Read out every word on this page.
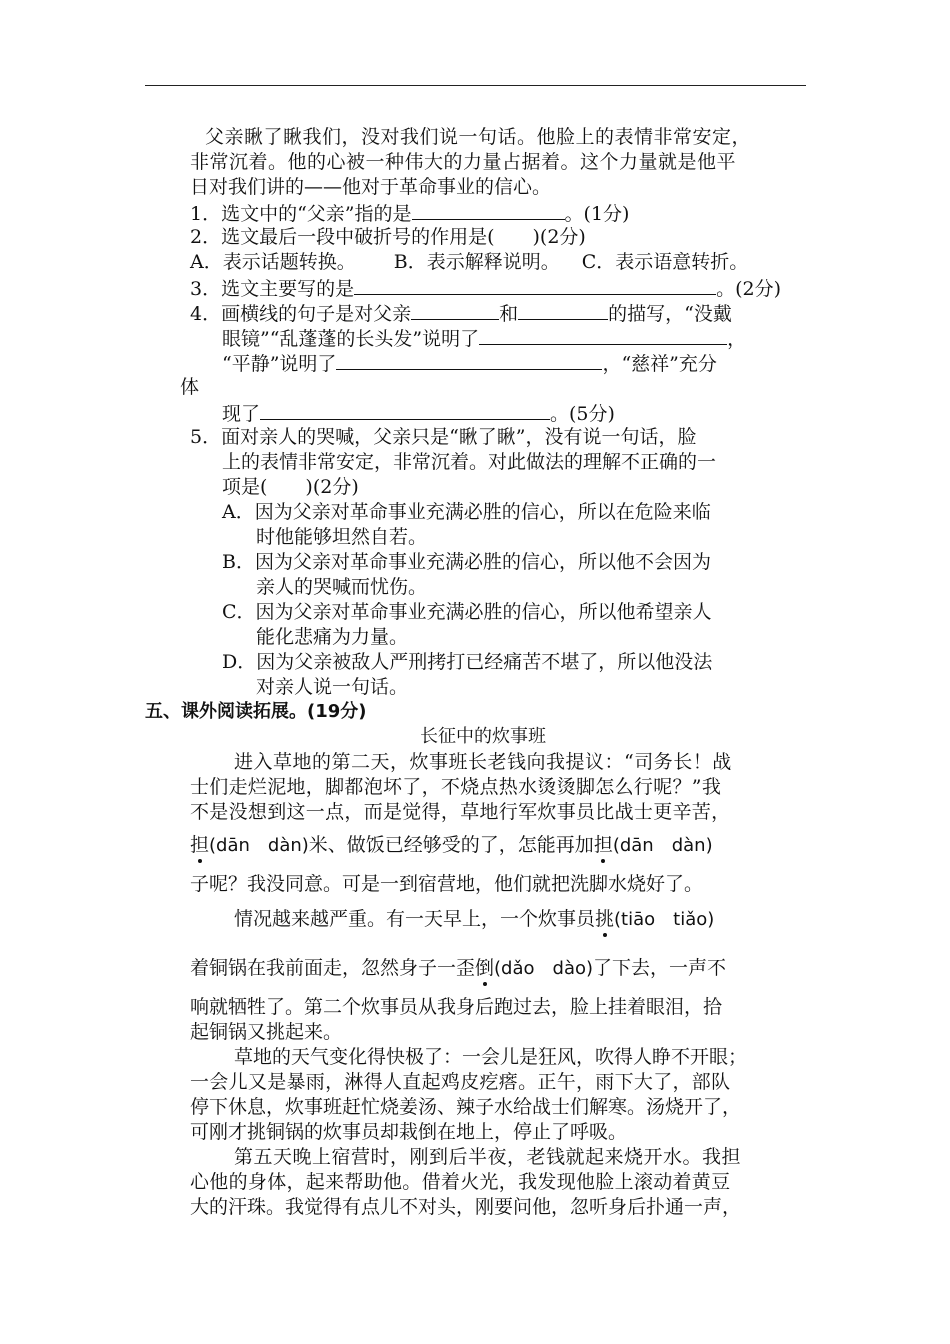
父亲瞅了瞅我们，没对我们说一句话。他脸上的表情非常安定，
非常沉着。他的心被一种伟大的力量占据着。这个力量就是他平
日对我们讲的——他对于革命事业的信心。
1．选文中的“父亲”指的是	。(1分)
2．选文最后一段中破折号的作用是(　　)(2分)
A．表示话题转换。 B．表示解释说明。 C．表示语意转折。
3．选文主要写的是	。(2分)
4．画横线的句子是对父亲	和	的描写，“没戴
眼镜”“乱蓬蓬的长头发”说明了	，
“平静”说明了	，“慈祥”充分
体
现了	。(5分)
5．面对亲人的哭喊，父亲只是“瞅了瞅”，没有说一句话，脸
上的表情非常安定，非常沉着。对此做法的理解不正确的一
项是(　　)(2分)
A．因为父亲对革命事业充满必胜的信心，所以在危险来临
时他能够坦然自若。
B．因为父亲对革命事业充满必胜的信心，所以他不会因为
亲人的哭喊而忧伤。
C．因为父亲对革命事业充满必胜的信心，所以他希望亲人
能化悲痛为力量。
D．因为父亲被敌人严刑拷打已经痛苦不堪了，所以他没法
对亲人说一句话。
五、课外阅读拓展。(19分)
长征中的炊事班
进入草地的第二天，炊事班长老钱向我提议：“司务长！战
士们走烂泥地，脚都泡坏了，不烧点热水烫烫脚怎么行呢？”我
不是没想到这一点，而是觉得，草地行军炊事员比战士更辛苦，
担(dān　dàn)米、做饭已经够受的了，怎能再加担(dān　dàn)
子呢？我没同意。可是一到宿营地，他们就把洗脚水烧好了。
情况越来越严重。有一天早上，一个炊事员挑(tiāo　tiǎo)
着铜锅在我前面走，忽然身子一歪倒(dǎo　dào)了下去，一声不
响就牺牲了。第二个炊事员从我身后跑过去，脸上挂着眼泪，拾
起铜锅又挑起来。
草地的天气变化得快极了：一会儿是狂风，吹得人睁不开眼；
一会儿又是暴雨，淋得人直起鸡皮疙瘩。正午，雨下大了，部队
停下休息，炊事班赶忙烧姜汤、辣子水给战士们解寒。汤烧开了，
可刚才挑铜锅的炊事员却栽倒在地上，停止了呼吸。
第五天晚上宿营时，刚到后半夜，老钱就起来烧开水。我担
心他的身体，起来帮助他。借着火光，我发现他脸上滚动着黄豆
大的汗珠。我觉得有点儿不对头，刚要问他，忽听身后扑通一声，
